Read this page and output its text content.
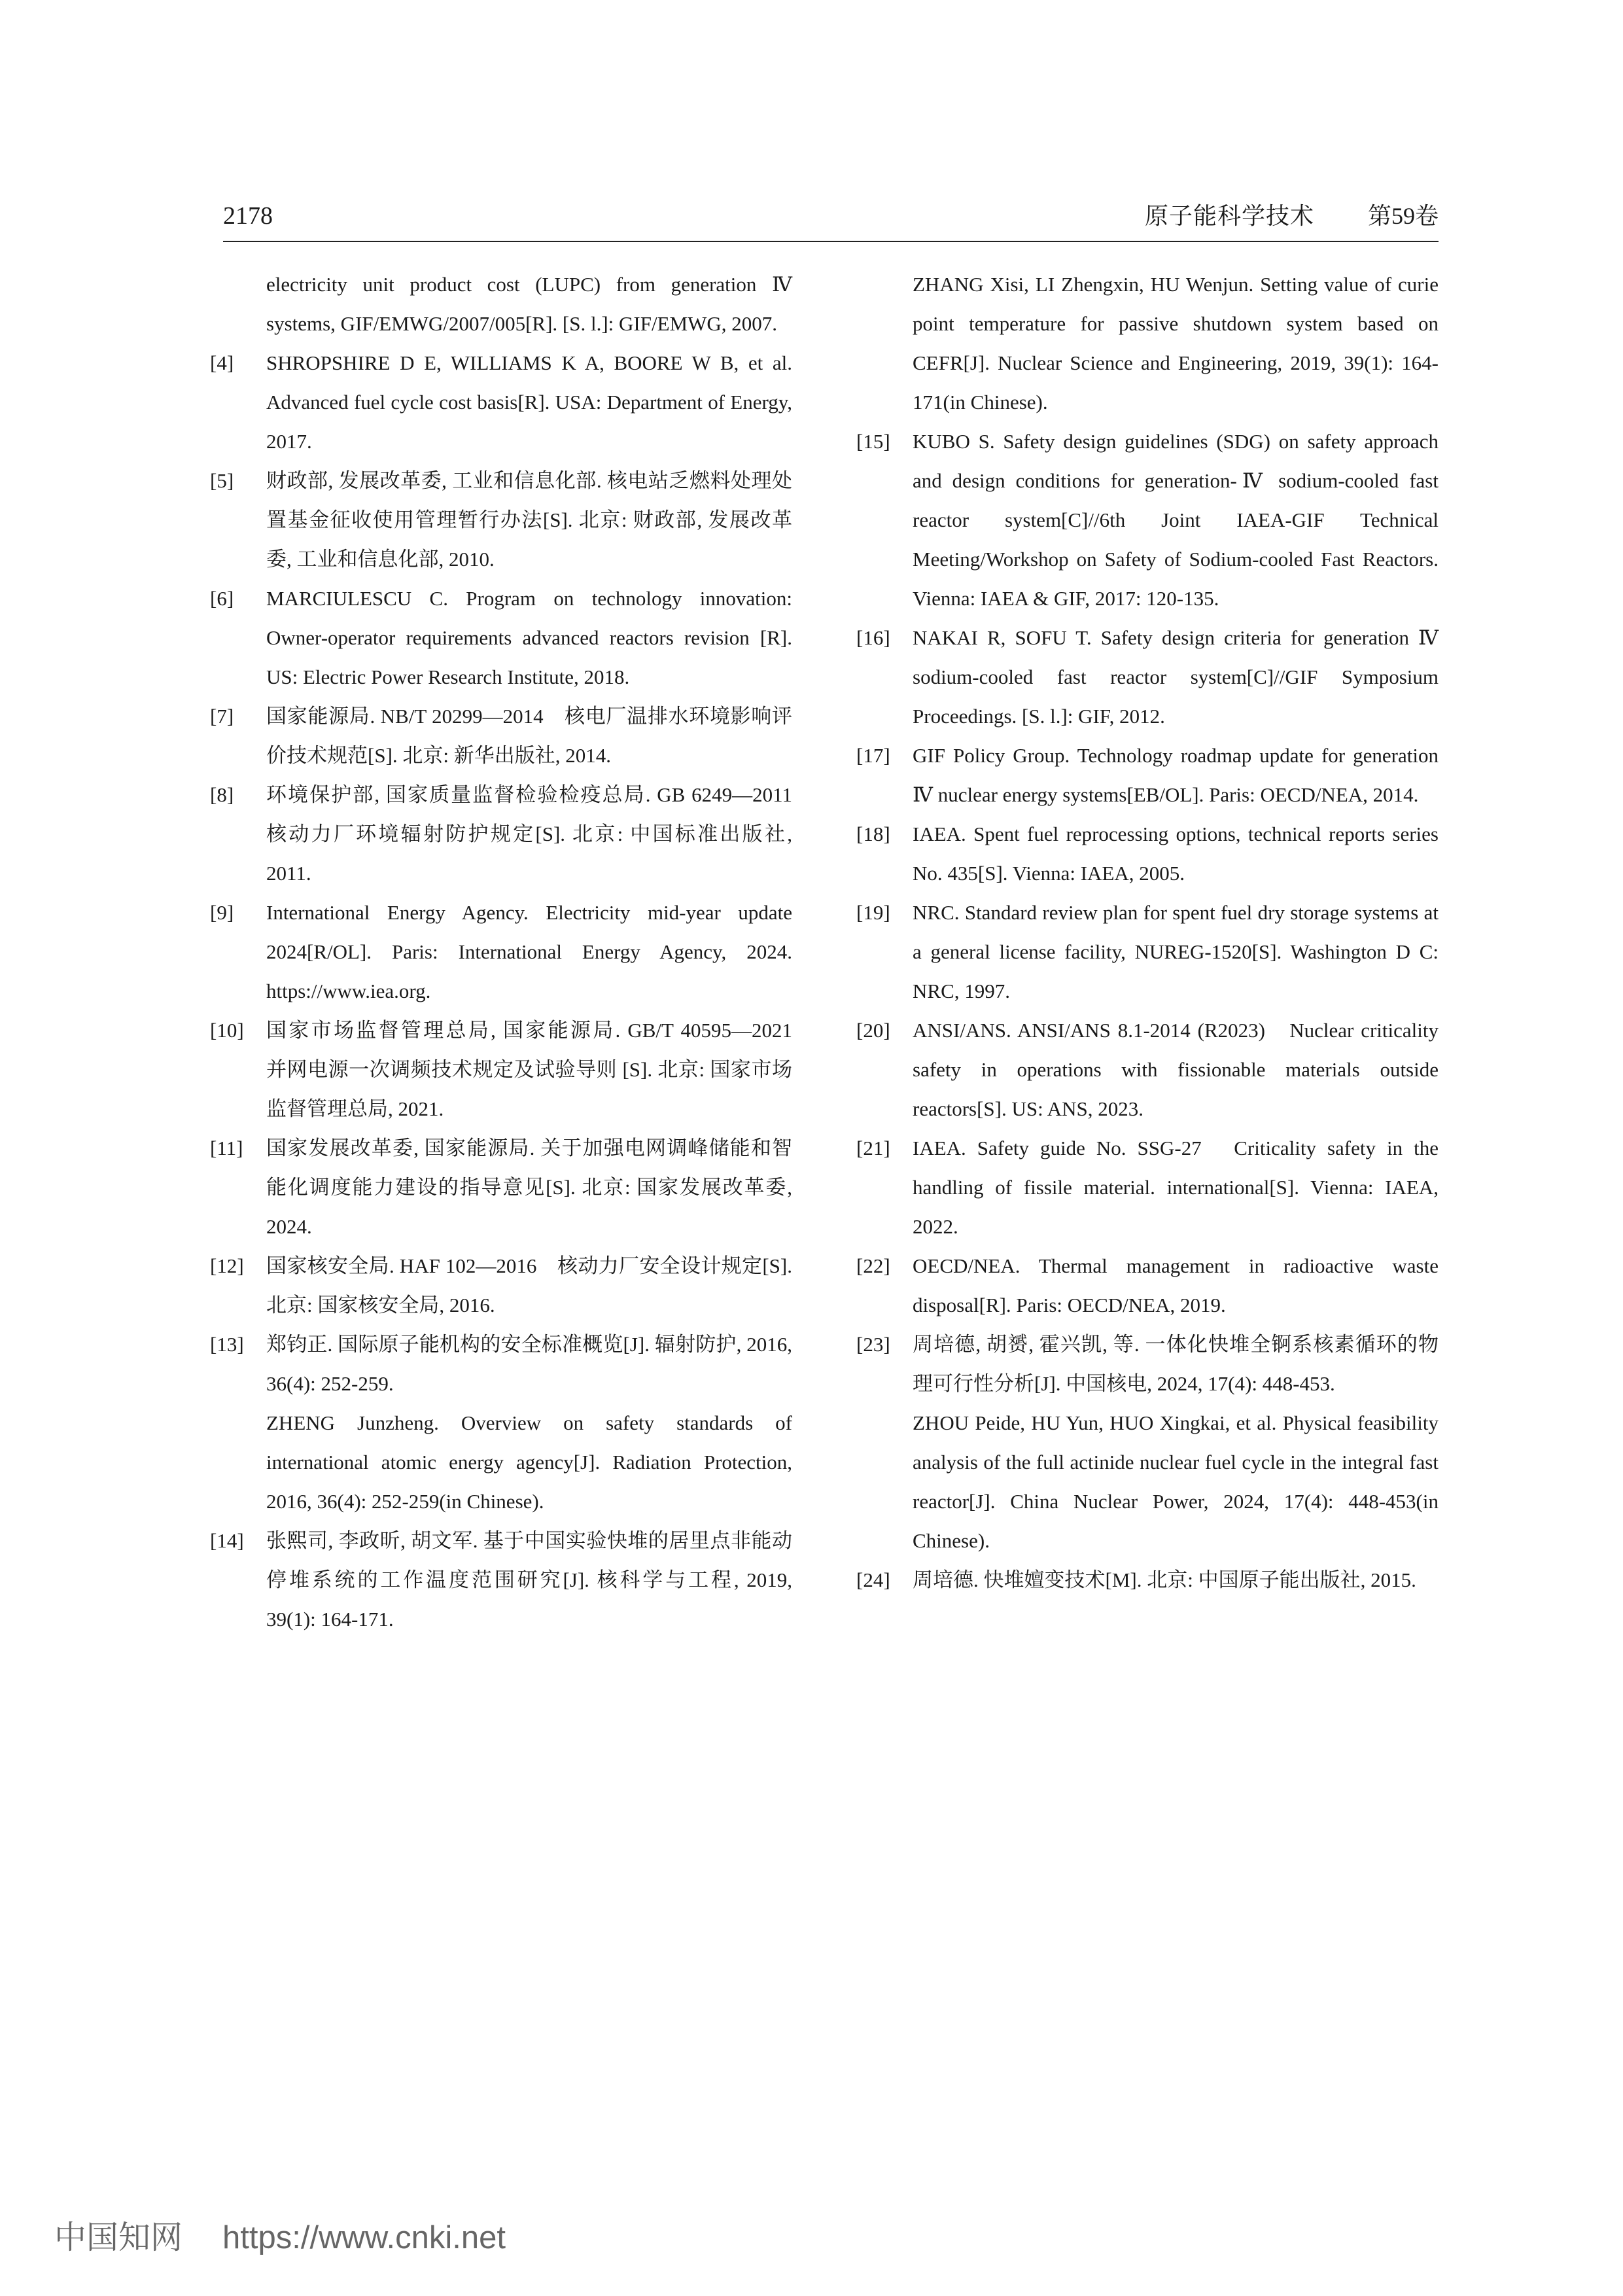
2178	原子能科学技术 第59卷
electricity unit product cost (LUPC) from generation Ⅳ systems, GIF/EMWG/2007/005[R]. [S. l.]: GIF/EMWG, 2007.
[4]	SHROPSHIRE D E, WILLIAMS K A, BOORE W B, et al. Advanced fuel cycle cost basis[R]. USA: Department of Energy, 2017.
[5]	财政部, 发展改革委, 工业和信息化部. 核电站乏燃料处理处置基金征收使用管理暂行办法[S]. 北京: 财政部, 发展改革委, 工业和信息化部, 2010.
[6]	MARCIULESCU C. Program on technology innovation: Owner-operator requirements advanced reactors revision [R]. US: Electric Power Research Institute, 2018.
[7]	国家能源局. NB/T 20299—2014　核电厂温排水环境影响评价技术规范[S]. 北京: 新华出版社, 2014.
[8]	环境保护部, 国家质量监督检验检疫总局. GB 6249—2011　核动力厂环境辐射防护规定[S]. 北京: 中国标准出版社, 2011.
[9]	International Energy Agency. Electricity mid-year update 2024[R/OL]. Paris: International Energy Agency, 2024. https://www.iea.org.
[10]	国家市场监督管理总局, 国家能源局. GB/T 40595—2021　并网电源一次调频技术规定及试验导则 [S]. 北京: 国家市场监督管理总局, 2021.
[11]	国家发展改革委, 国家能源局. 关于加强电网调峰储能和智能化调度能力建设的指导意见[S]. 北京: 国家发展改革委, 2024.
[12]	国家核安全局. HAF 102—2016　核动力厂安全设计规定[S]. 北京: 国家核安全局, 2016.
[13]	郑钧正. 国际原子能机构的安全标准概览[J]. 辐射防护, 2016, 36(4): 252-259.
ZHENG Junzheng. Overview on safety standards of international atomic energy agency[J]. Radiation Protection, 2016, 36(4): 252-259(in Chinese).
[14]	张熙司, 李政昕, 胡文军. 基于中国实验快堆的居里点非能动停堆系统的工作温度范围研究[J]. 核科学与工程, 2019, 39(1): 164-171.
ZHANG Xisi, LI Zhengxin, HU Wenjun. Setting value of curie point temperature for passive shutdown system based on CEFR[J]. Nuclear Science and Engineering, 2019, 39(1): 164-171(in Chinese).
[15]	KUBO S. Safety design guidelines (SDG) on safety approach and design conditions for generation-Ⅳ sodium-cooled fast reactor system[C]//6th Joint IAEA-GIF Technical Meeting/Workshop on Safety of Sodium-cooled Fast Reactors. Vienna: IAEA & GIF, 2017: 120-135.
[16]	NAKAI R, SOFU T. Safety design criteria for generation Ⅳ sodium-cooled fast reactor system[C]//GIF Symposium Proceedings. [S. l.]: GIF, 2012.
[17]	GIF Policy Group. Technology roadmap update for generation Ⅳ nuclear energy systems[EB/OL]. Paris: OECD/NEA, 2014.
[18]	IAEA. Spent fuel reprocessing options, technical reports series No. 435[S]. Vienna: IAEA, 2005.
[19]	NRC. Standard review plan for spent fuel dry storage systems at a general license facility, NUREG-1520[S]. Washington D C: NRC, 1997.
[20]	ANSI/ANS. ANSI/ANS 8.1-2014 (R2023)　Nuclear criticality safety in operations with fissionable materials outside reactors[S]. US: ANS, 2023.
[21]	IAEA. Safety guide No. SSG-27　Criticality safety in the handling of fissile material. international[S]. Vienna: IAEA, 2022.
[22]	OECD/NEA. Thermal management in radioactive waste disposal[R]. Paris: OECD/NEA, 2019.
[23]	周培德, 胡赟, 霍兴凯, 等. 一体化快堆全锕系核素循环的物理可行性分析[J]. 中国核电, 2024, 17(4): 448-453.
ZHOU Peide, HU Yun, HUO Xingkai, et al. Physical feasibility analysis of the full actinide nuclear fuel cycle in the integral fast reactor[J]. China Nuclear Power, 2024, 17(4): 448-453(in Chinese).
[24]	周培德. 快堆嬗变技术[M]. 北京: 中国原子能出版社, 2015.
中国知网 https://www.cnki.net
